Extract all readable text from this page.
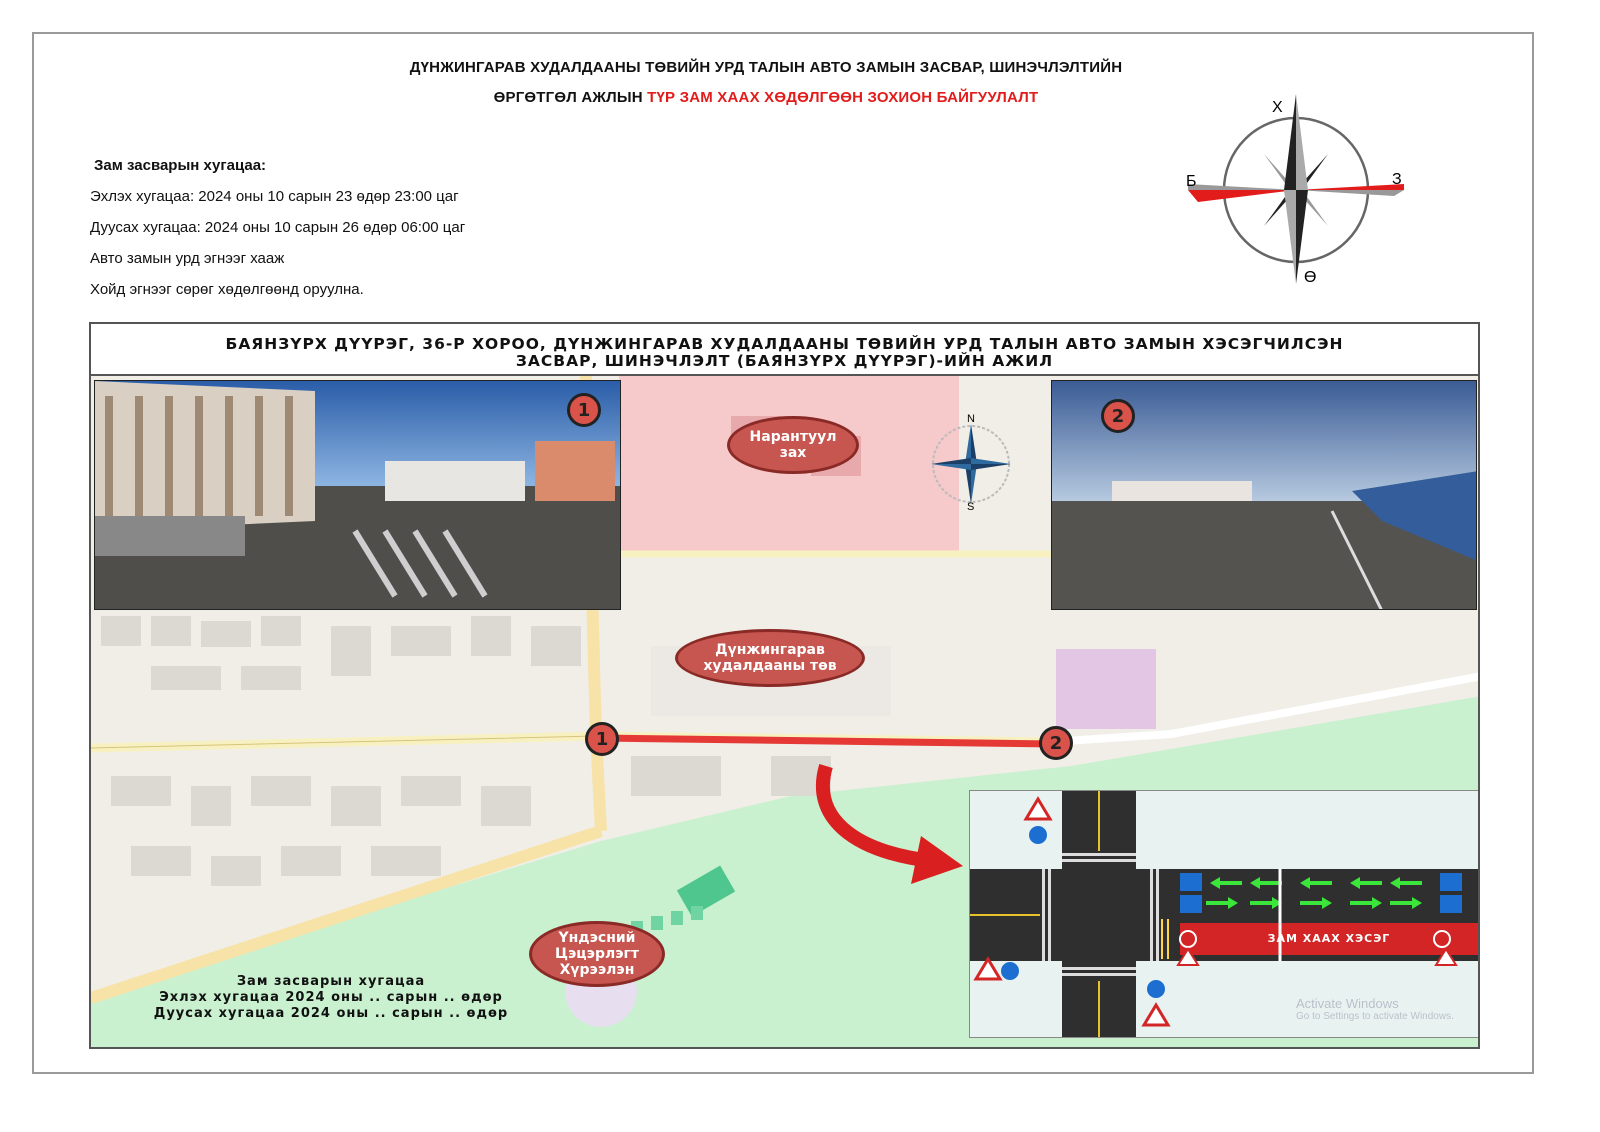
ДҮНЖИНГАРАВ ХУДАЛДААНЫ ТӨВИЙН УРД ТАЛЫН АВТО ЗАМЫН ЗАСВАР, ШИНЭЧЛЭЛТИЙН
ӨРГӨТГӨЛ АЖЛЫН ТҮР ЗАМ ХААХ ХӨДӨЛГӨӨН ЗОХИОН БАЙГУУЛАЛТ
Зам засварын хугацаа:
Эхлэх хугацаа: 2024 оны 10 сарын 23 өдөр 23:00 цаг
Дуусах хугацаа: 2024 оны 10 сарын 26 өдөр 06:00 цаг
Авто замын урд эгнээг хааж
Хойд эгнээг сөрөг хөдөлгөөнд оруулна.
Х
Ө
Б	З
БАЯНЗҮРХ ДҮҮРЭГ, 36-Р ХОРОО, ДҮНЖИНГАРАВ ХУДАЛДААНЫ ТӨВИЙН УРД ТАЛЫН АВТО ЗАМЫН ХЭСЭГЧИЛСЭН
ЗАСВАР, ШИНЭЧЛЭЛТ (БАЯНЗҮРХ ДҮҮРЭГ)-ИЙН АЖИЛ
1	2
N
S
Нарантуул
зах
Дүнжингарав
худалдааны төв
Үндэсний
Цэцэрлэгт
Хүрээлэн
1	2
ЗАМ ХААХ ХЭСЭГ
Зам засварын хугацаа
Эхлэх хугацаа 2024 оны .. сарын .. өдөр
Дуусах хугацаа 2024 оны .. сарын .. өдөр
Activate Windows
Go to Settings to activate Windows.
